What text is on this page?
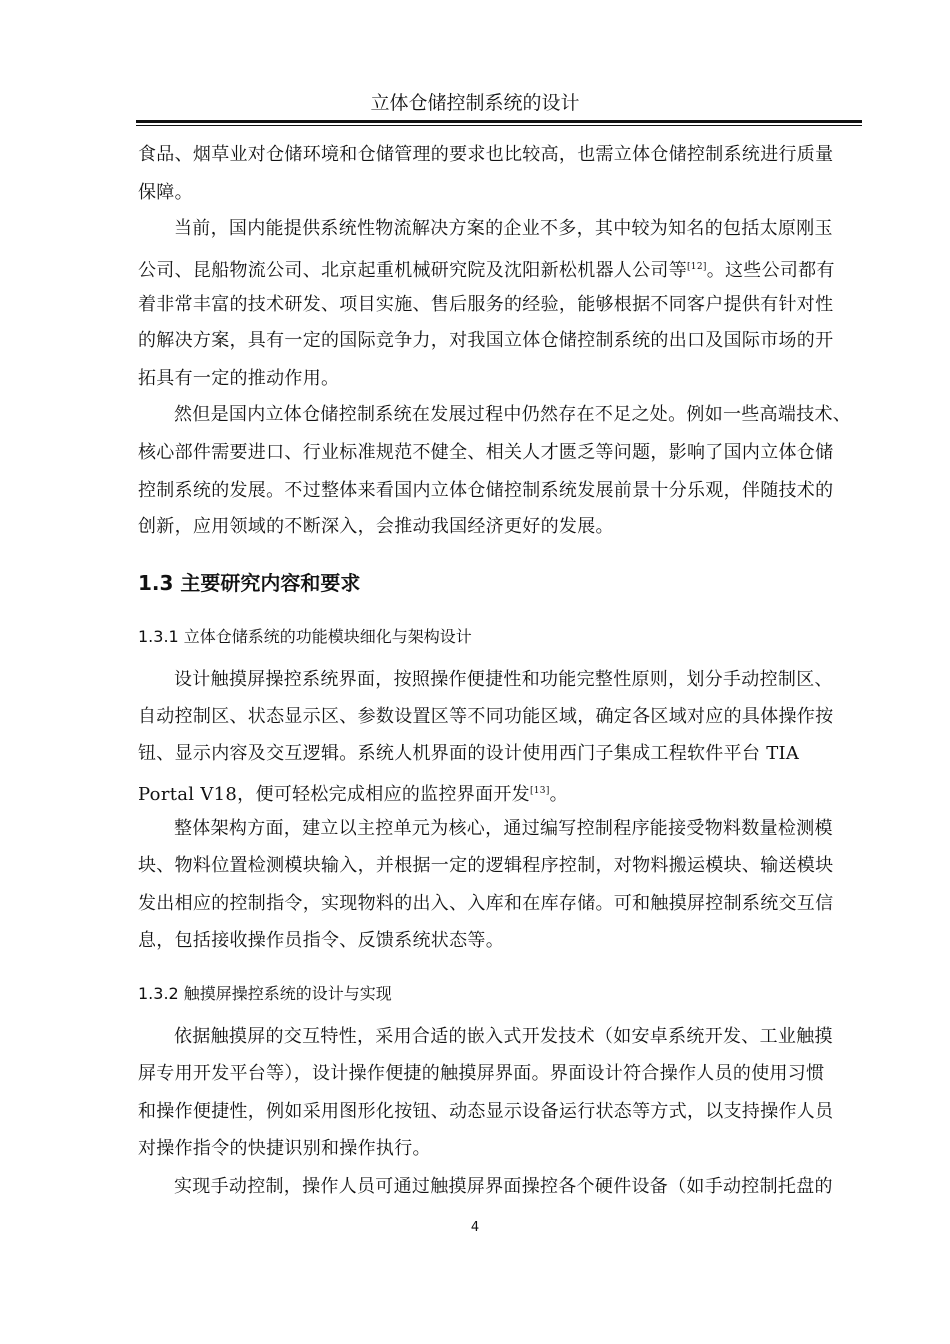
立体仓储控制系统的设计
食品、烟草业对仓储环境和仓储管理的要求也比较高，也需立体仓储控制系统进行质量
保障。
当前，国内能提供系统性物流解决方案的企业不多，其中较为知名的包括太原刚玉
公司、昆船物流公司、北京起重机械研究院及沈阳新松机器人公司等[12]。这些公司都有
着非常丰富的技术研发、项目实施、售后服务的经验，能够根据不同客户提供有针对性
的解决方案，具有一定的国际竞争力，对我国立体仓储控制系统的出口及国际市场的开
拓具有一定的推动作用。
然但是国内立体仓储控制系统在发展过程中仍然存在不足之处。例如一些高端技术、
核心部件需要进口、行业标准规范不健全、相关人才匮乏等问题，影响了国内立体仓储
控制系统的发展。不过整体来看国内立体仓储控制系统发展前景十分乐观，伴随技术的
创新，应用领域的不断深入，会推动我国经济更好的发展。
1.3 主要研究内容和要求
1.3.1 立体仓储系统的功能模块细化与架构设计
设计触摸屏操控系统界面，按照操作便捷性和功能完整性原则，划分手动控制区、
自动控制区、状态显示区、参数设置区等不同功能区域，确定各区域对应的具体操作按
钮、显示内容及交互逻辑。系统人机界面的设计使用西门子集成工程软件平台 TIA
Portal V18，便可轻松完成相应的监控界面开发[13]。
整体架构方面，建立以主控单元为核心，通过编写控制程序能接受物料数量检测模
块、物料位置检测模块输入，并根据一定的逻辑程序控制，对物料搬运模块、输送模块
发出相应的控制指令，实现物料的出入、入库和在库存储。可和触摸屏控制系统交互信
息，包括接收操作员指令、反馈系统状态等。
1.3.2 触摸屏操控系统的设计与实现
依据触摸屏的交互特性，采用合适的嵌入式开发技术（如安卓系统开发、工业触摸
屏专用开发平台等），设计操作便捷的触摸屏界面。界面设计符合操作人员的使用习惯
和操作便捷性，例如采用图形化按钮、动态显示设备运行状态等方式，以支持操作人员
对操作指令的快捷识别和操作执行。
实现手动控制，操作人员可通过触摸屏界面操控各个硬件设备（如手动控制托盘的
4
